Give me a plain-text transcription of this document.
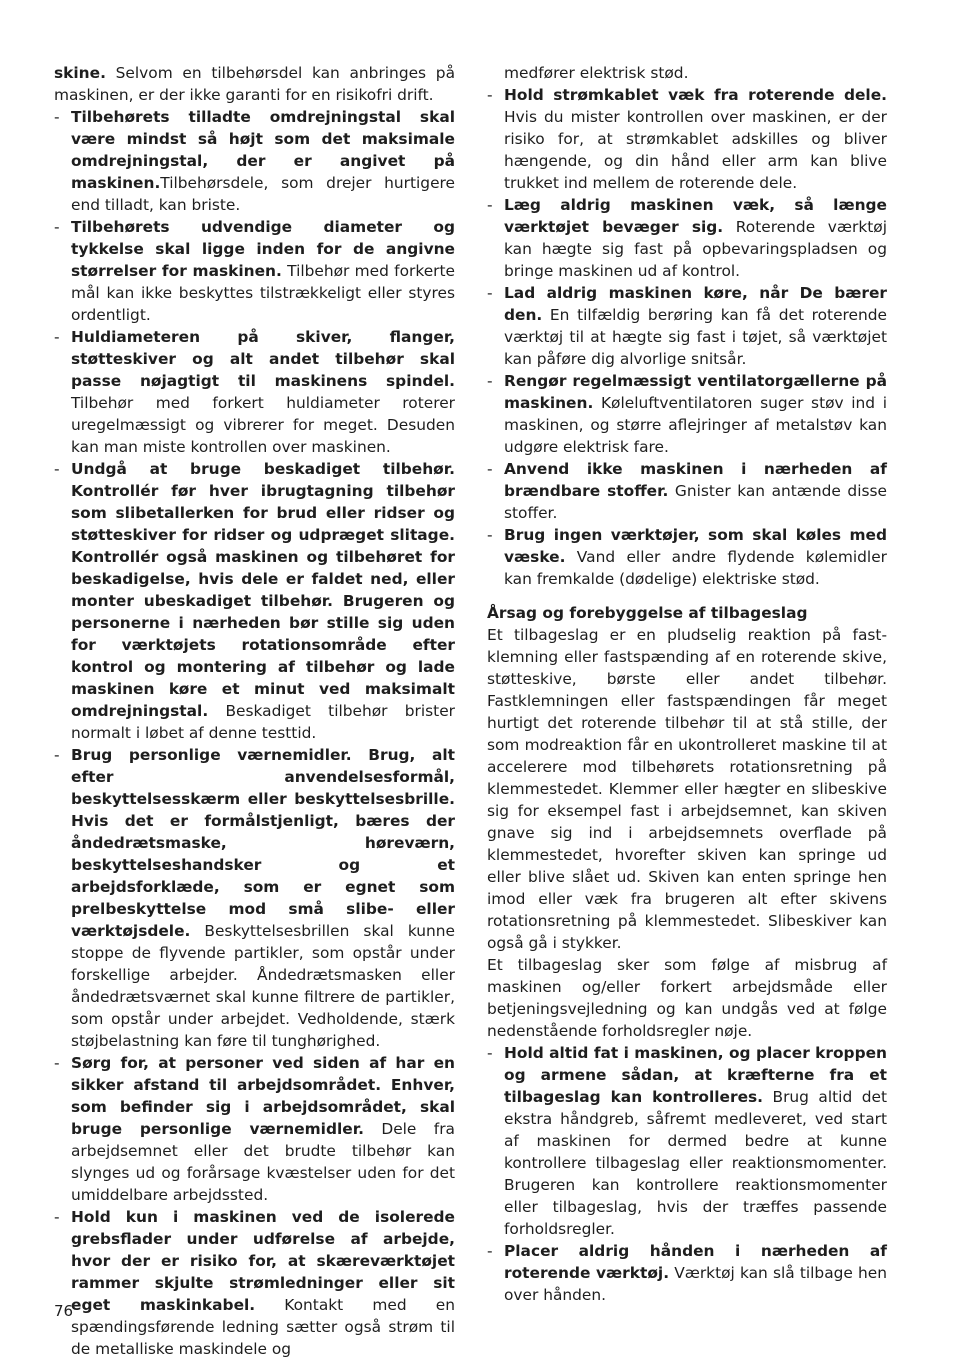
skine. Selvom en tilbehørsdel kan anbringes på maskinen, er der ikke garanti for en risikofri drift.

- Tilbehørets tilladte omdrejningstal skal være mindst så højt som det maksimale omdrejningstal, der er angivet på maskinen.Tilbehørsdele, som drejer hurtigere end tilladt, kan briste.
- Tilbehørets udvendige diameter og tykkelse skal ligge inden for de angivne størrelser for maskinen. Tilbehør med forkerte mål kan ikke beskyttes tilstrækkeligt eller styres ordentligt.
- Huldiameteren på skiver, flanger, støtteskiver og alt andet tilbehør skal passe nøjagtigt til maskinens spindel. Tilbehør med forkert huldiameter roterer uregelmæssigt og vibrerer for meget. Desuden kan man miste kontrollen over maskinen.
- Undgå at bruge beskadiget tilbehør. Kontrollér før hver ibrugtagning tilbehør som slibetallerken for brud eller ridser og støtteskiver for ridser og udpræget slitage. Kontrollér også maskinen og tilbehøret for beskadigelse, hvis dele er faldet ned, eller monter ubeskadiget tilbehør. Brugeren og personerne i nærheden bør stille sig uden for værktøjets rotationsområde efter kontrol og montering af tilbehør og lade maskinen køre et minut ved maksimalt omdrejningstal. Beskadiget tilbehør brister normalt i løbet af denne testtid.
- Brug personlige værnemidler. Brug, alt efter anvendelsesformål, beskyttelsesskærm eller beskyttelsesbrille. Hvis det er formålstjenligt, bæres der åndedrætsmaske, høreværn, beskyttelseshandsker og et arbejdsforklæde, som er egnet som prelbeskyttelse mod små slibe- eller værktøjsdele. Beskyttelsesbrillen skal kunne stoppe de flyvende partikler, som opstår under forskellige arbejder. Åndedrætsmasken eller åndedrætsværnet skal kunne filtrere de partikler, som opstår under arbejdet. Vedholdende, stærk støjbelastning kan føre til tunghørighed.
- Sørg for, at personer ved siden af har en sikker afstand til arbejdsområdet. Enhver, som befinder sig i arbejdsområdet, skal bruge personlige værnemidler. Dele fra arbejdsemnet eller det brudte tilbehør kan slynges ud og forårsage kvæstelser uden for det umiddelbare arbejdssted.
- Hold kun i maskinen ved de isolerede grebsflader under udførelse af arbejde, hvor der er risiko for, at skæreværktøjet rammer skjulte strømledninger eller sit eget maskinkabel. Kontakt med en spændingsførende ledning sætter også strøm til de metalliske maskindele og
medfører elektrisk stød.
- Hold strømkablet væk fra roterende dele. Hvis du mister kontrollen over maskinen, er der risiko for, at strømkablet adskilles og bliver hængende, og din hånd eller arm kan blive trukket ind mellem de roterende dele.
- Læg aldrig maskinen væk, så længe værktøjet bevæger sig. Roterende værktøj kan hægte sig fast på opbevaringspladsen og bringe maskinen ud af kontrol.
- Lad aldrig maskinen køre, når De bærer den. En tilfældig berøring kan få det roterende værktøj til at hægte sig fast i tøjet, så værktøjet kan påføre dig alvorlige snitsår.
- Rengør regelmæssigt ventilatorgællerne på maskinen. Køleluftventilatoren suger støv ind i maskinen, og større aflejringer af metalstøv kan udgøre elektrisk fare.
- Anvend ikke maskinen i nærheden af brændbare stoffer. Gnister kan antænde disse stoffer.
- Brug ingen værktøjer, som skal køles med væske. Vand eller andre flydende kølemidler kan fremkalde (dødelige) elektriske stød.
Årsag og forebyggelse af tilbageslag

Et tilbageslag er en pludselig reaktion på fastklemning eller fastspænding af en roterende skive, støtteskive, børste eller andet tilbehør. Fastklemningen eller fastspændingen får meget hurtigt det roterende tilbehør til at stå stille, der som modreaktion får en ukontrolleret maskine til at accelerere mod tilbehørets rotationsretning på klemmestedet. Klemmer eller hægter en slibeskive sig for eksempel fast i arbejdsemnet, kan skiven gnave sig ind i arbejdsemnets overflade på klemmestedet, hvorefter skiven kan springe ud eller blive slået ud. Skiven kan enten springe hen imod eller væk fra brugeren alt efter skivens rotationsretning på klemmestedet. Slibeskiver kan også gå i stykker.

Et tilbageslag sker som følge af misbrug af maskinen og/eller forkert arbejdsmåde eller betjeningsvejledning og kan undgås ved at følge nedenstående forholdsregler nøje.

- Hold altid fat i maskinen, og placer kroppen og armene sådan, at kræfterne fra et tilbageslag kan kontrolleres. Brug altid det ekstra håndgreb, såfremt medleveret, ved start af maskinen for dermed bedre at kunne kontrollere tilbageslag eller reaktionsmomenter. Brugeren kan kontrollere reaktionsmomenter eller tilbageslag, hvis der træffes passende forholdsregler.
- Placer aldrig hånden i nærheden af roterende værktøj. Værktøj kan slå tilbage hen over hånden.
76
